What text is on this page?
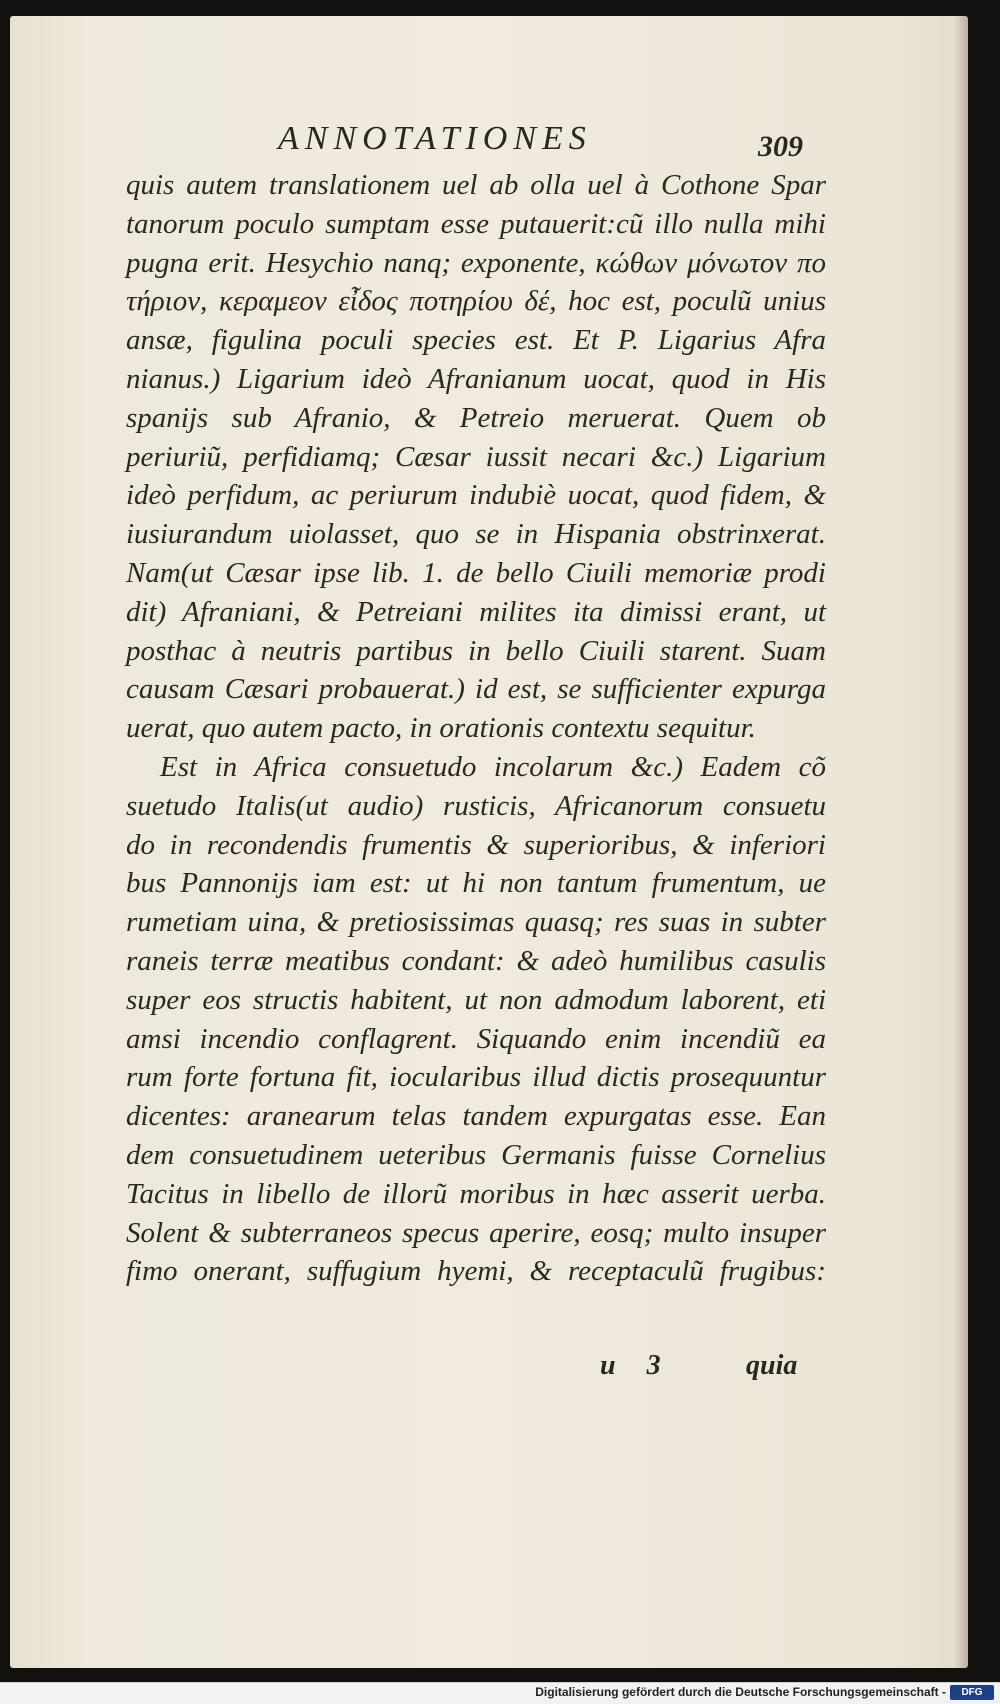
ANNOTATIONES	309
quis autem translationem uel ab olla uel à Cothone Spar
tanorum poculo sumptam esse putauerit:cũ illo nulla mihi
pugna erit. Hesychio nanq; exponente, κώθων μόνωτον πο
τήριον, κεραμεον εἶδος ποτηρίου δέ, hoc est, poculũ unius
ansæ, figulina poculi species est. Et P. Ligarius Afra
nianus.) Ligarium ideò Afranianum uocat, quod in His
spanijs sub Afranio, & Petreio meruerat. Quem ob
periuriũ, perfidiamq; Cæsar iussit necari &c.) Ligarium
ideò perfidum, ac periurum indubiè uocat, quod fidem, &
iusiurandum uiolasset, quo se in Hispania obstrinxerat.
Nam(ut Cæsar ipse lib. 1. de bello Ciuili memoriæ prodi
dit) Afraniani, & Petreiani milites ita dimissi erant, ut
posthac à neutris partibus in bello Ciuili starent. Suam
causam Cæsari probauerat.) id est, se sufficienter expurga
uerat, quo autem pacto, in orationis contextu sequitur.
Est in Africa consuetudo incolarum &c.) Eadem cõ
suetudo Italis(ut audio) rusticis, Africanorum consuetu
do in recondendis frumentis & superioribus, & inferiori
bus Pannonijs iam est: ut hi non tantum frumentum, ue
rumetiam uina, & pretiosissimas quasq; res suas in subter
raneis terræ meatibus condant: & adeò humilibus casulis
super eos structis habitent, ut non admodum laborent, eti
amsi incendio conflagrent. Siquando enim incendiũ ea
rum forte fortuna fit, iocularibus illud dictis prosequuntur
dicentes: aranearum telas tandem expurgatas esse. Ean
dem consuetudinem ueteribus Germanis fuisse Cornelius
Tacitus in libello de illorũ moribus in hæc asserit uerba.
Solent & subterraneos specus aperire, eosq; multo insuper
fimo onerant, suffugium hyemi, & receptaculũ frugibus:
u 3	quia
Digitalisierung gefördert durch die Deutsche Forschungsgemeinschaft -	DFG
